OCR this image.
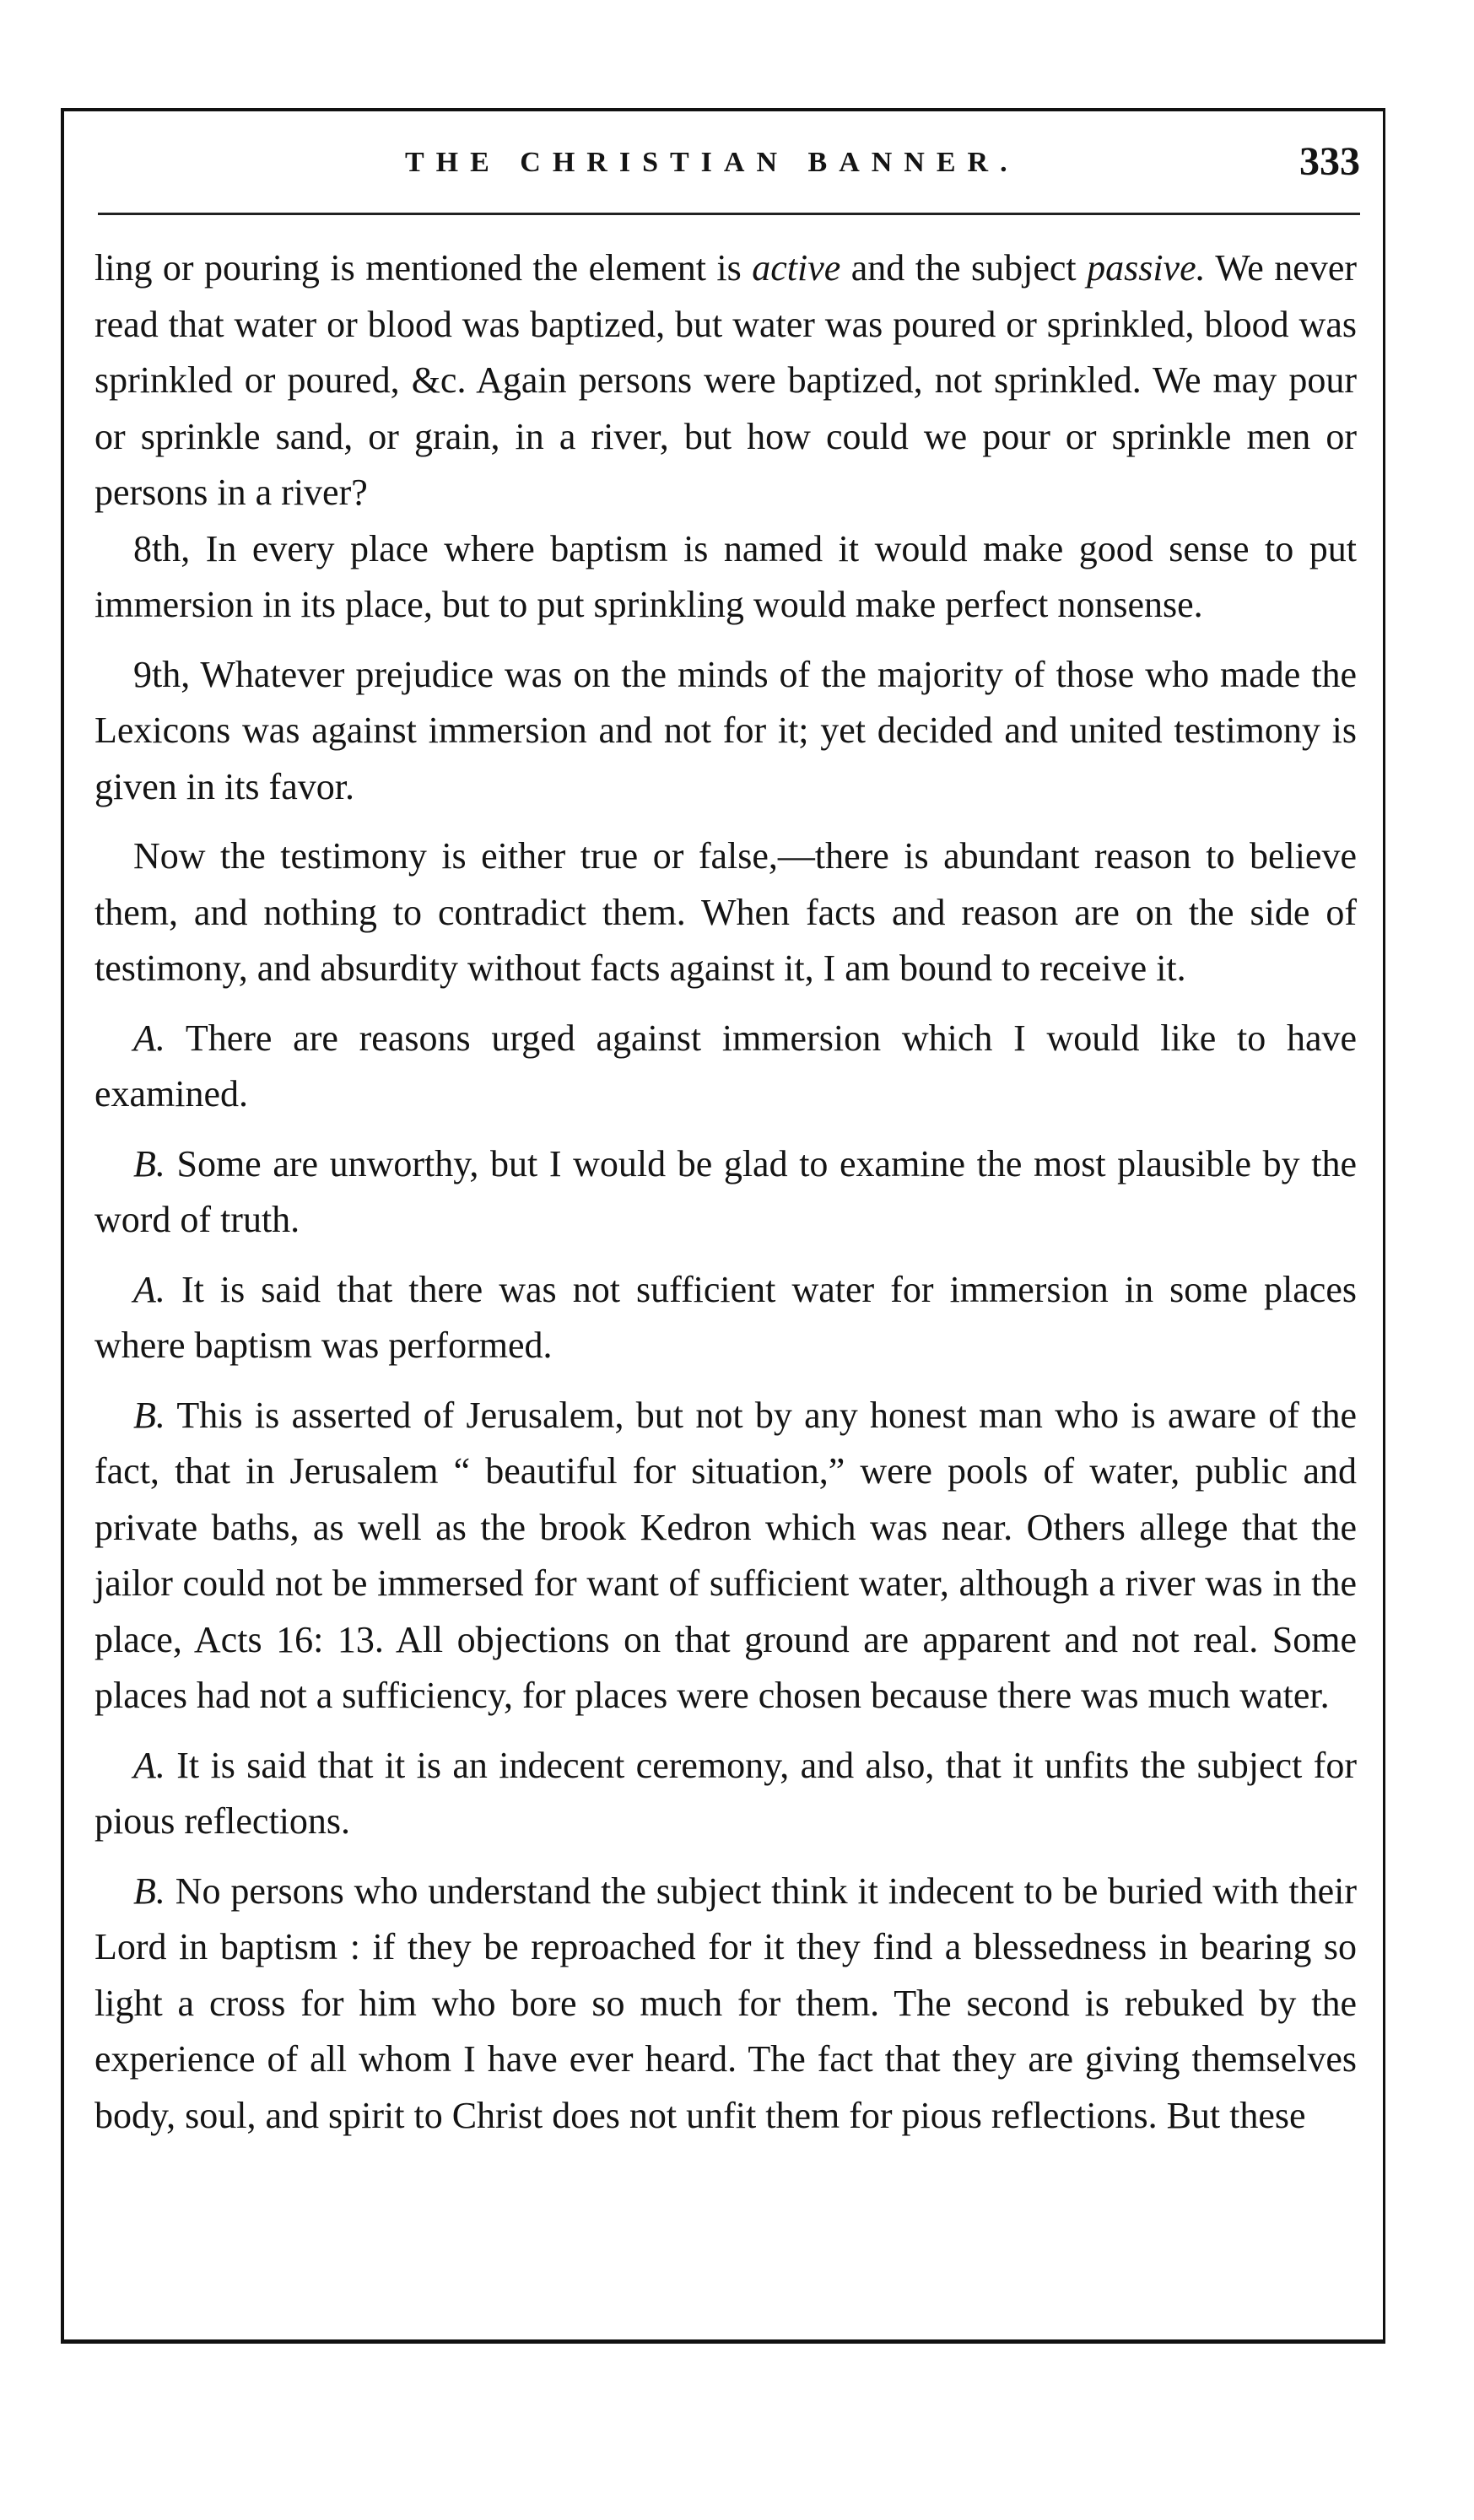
THE CHRISTIAN BANNER.	333

ling or pouring is mentioned the element is active and the subject passive. We never read that water or blood was baptized, but water was poured or sprinkled, blood was sprinkled or poured, &c. Again persons were baptized, not sprinkled. We may pour or sprinkle sand, or grain, in a river, but how could we pour or sprinkle men or persons in a river?

8th, In every place where baptism is named it would make good sense to put immersion in its place, but to put sprinkling would make perfect nonsense.

9th, Whatever prejudice was on the minds of the majority of those who made the Lexicons was against immersion and not for it; yet decided and united testimony is given in its favor.

Now the testimony is either true or false,—there is abundant reason to believe them, and nothing to contradict them. When facts and reason are on the side of testimony, and absurdity without facts against it, I am bound to receive it.

A. There are reasons urged against immersion which I would like to have examined.

B. Some are unworthy, but I would be glad to examine the most plausible by the word of truth.

A. It is said that there was not sufficient water for immersion in some places where baptism was performed.

B. This is asserted of Jerusalem, but not by any honest man who is aware of the fact, that in Jerusalem “ beautiful for situation,” were pools of water, public and private baths, as well as the brook Kedron which was near. Others allege that the jailor could not be immersed for want of sufficient water, although a river was in the place, Acts 16: 13. All objections on that ground are apparent and not real. Some places had not a sufficiency, for places were chosen because there was much water.

A. It is said that it is an indecent ceremony, and also, that it unfits the subject for pious reflections.

B. No persons who understand the subject think it indecent to be buried with their Lord in baptism : if they be reproached for it they find a blessedness in bearing so light a cross for him who bore so much for them. The second is rebuked by the experience of all whom I have ever heard. The fact that they are giving themselves body, soul, and spirit to Christ does not unfit them for pious reflections. But these
